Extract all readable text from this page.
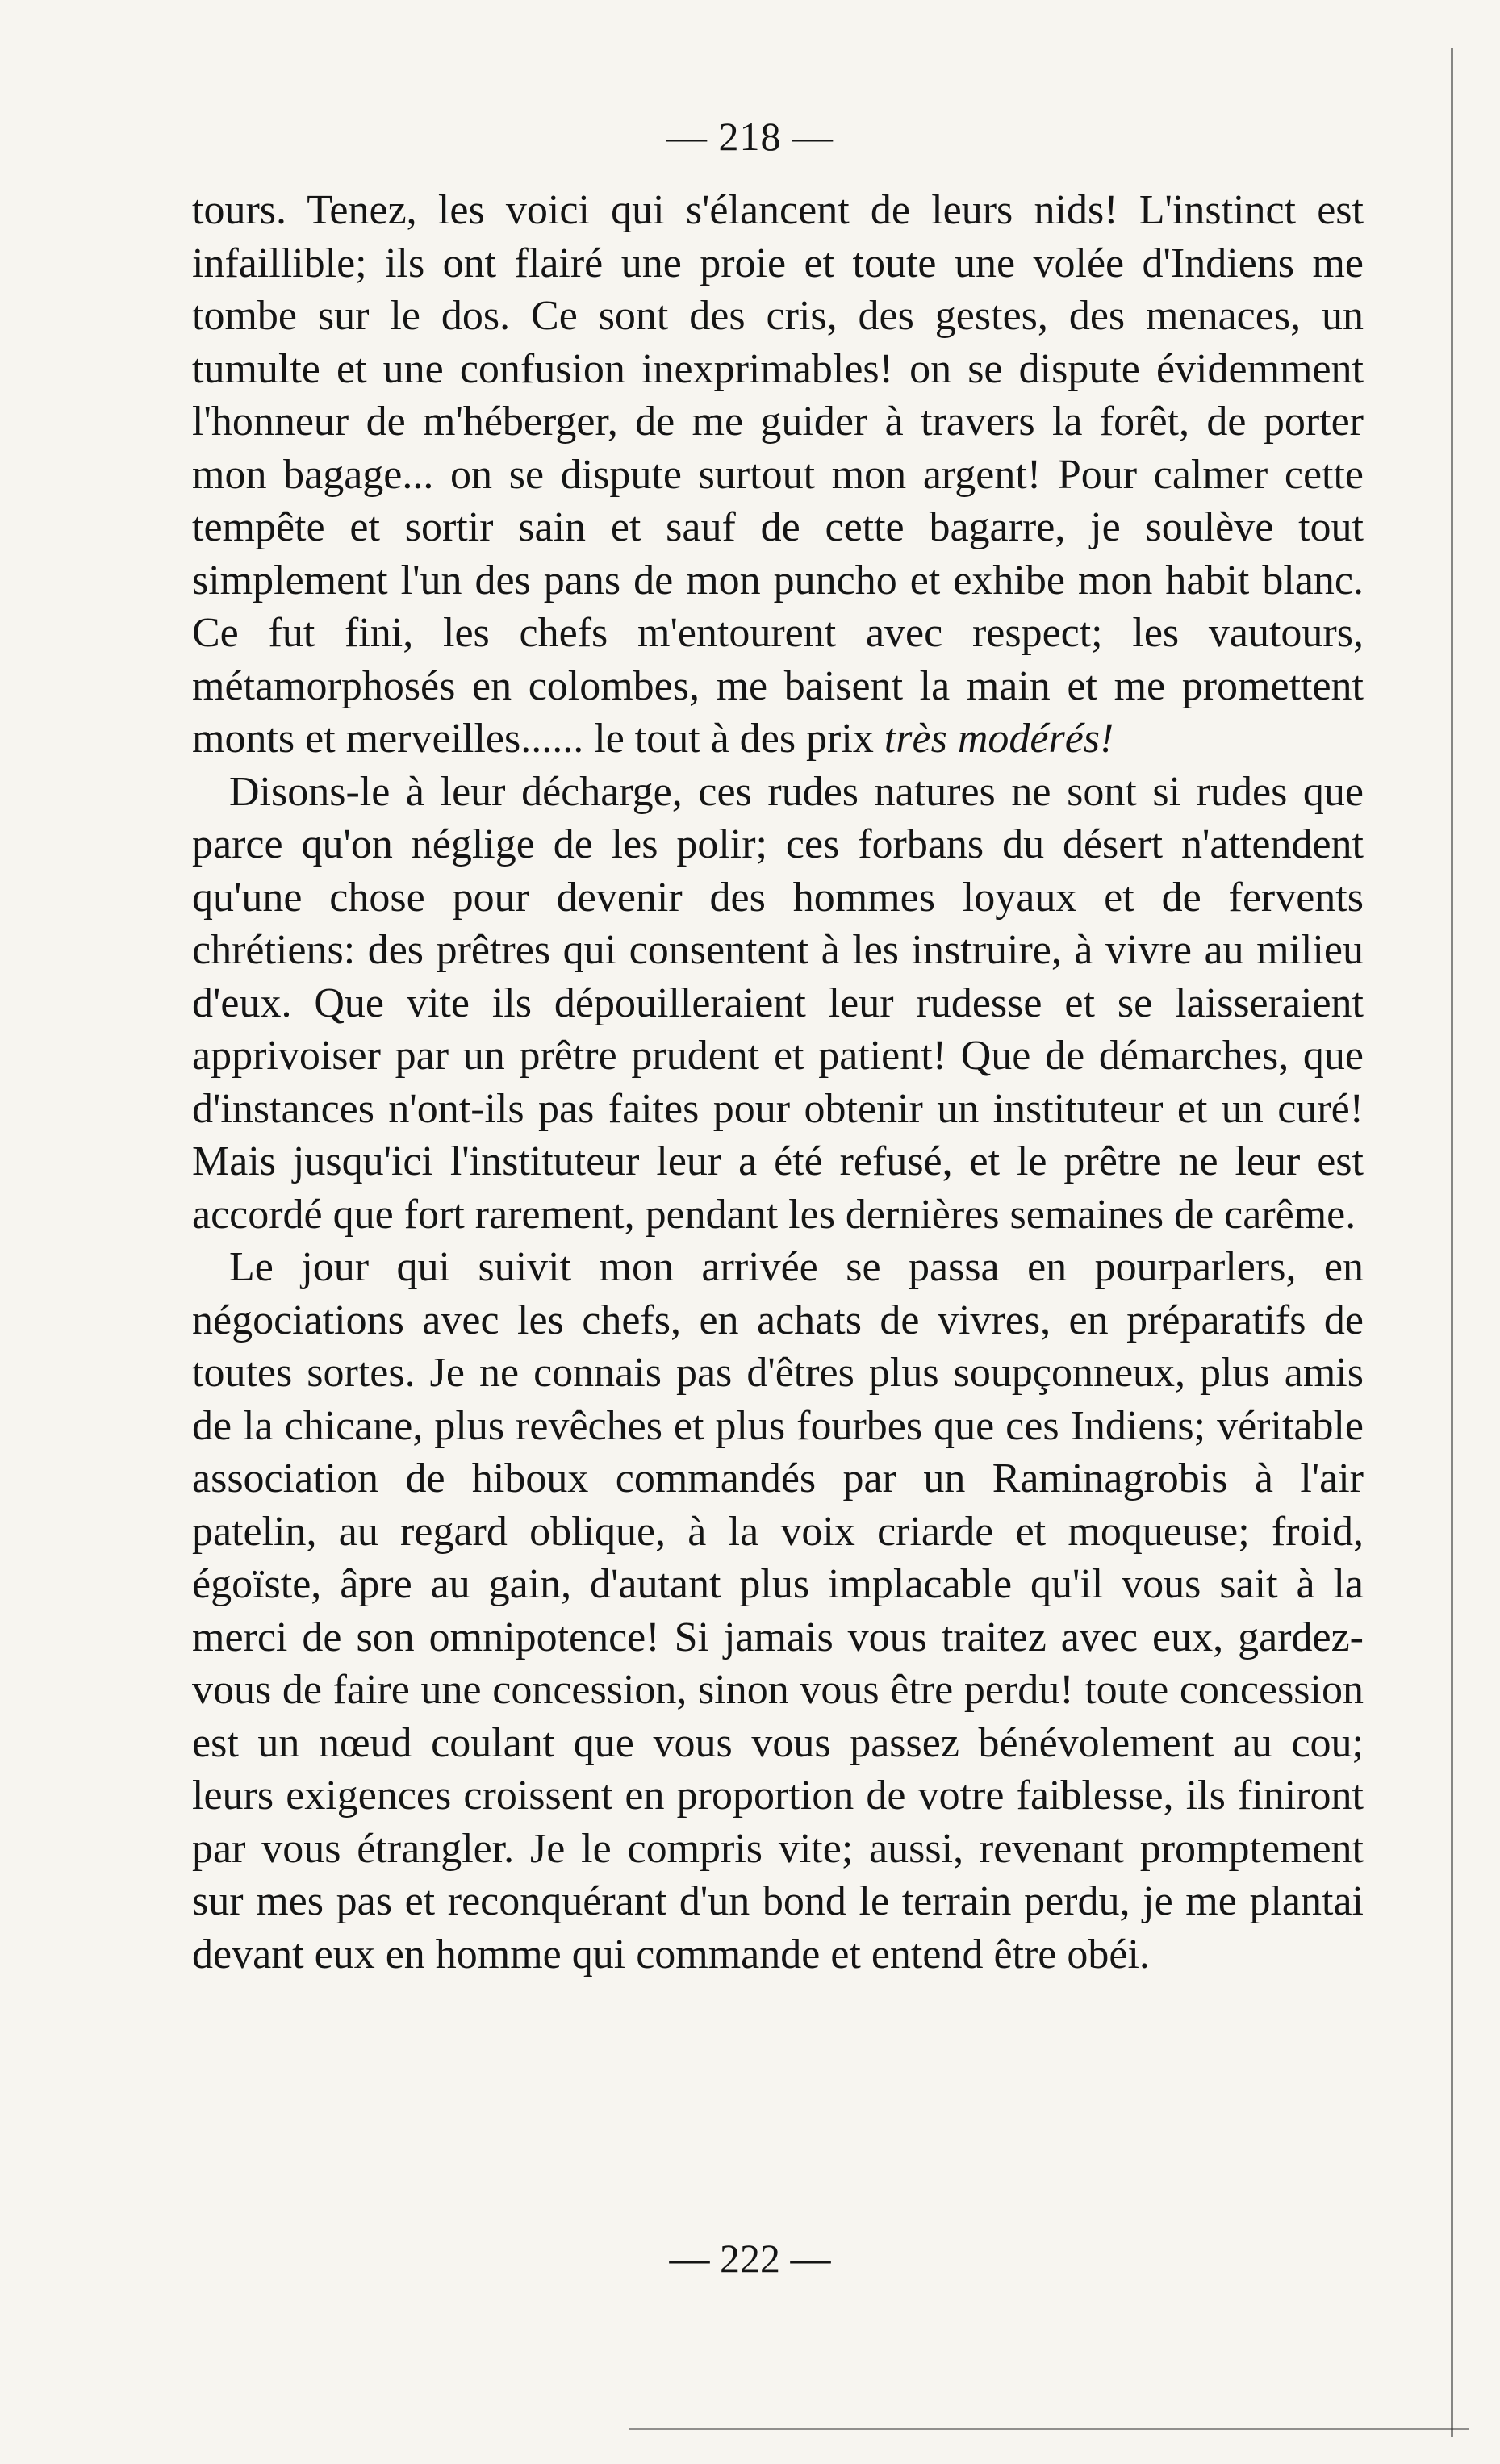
— 218 —

tours. Tenez, les voici qui s'élancent de leurs nids! L'instinct est infaillible; ils ont flairé une proie et toute une volée d'Indiens me tombe sur le dos. Ce sont des cris, des gestes, des menaces, un tumulte et une confusion inexprimables! on se dispute évidemment l'honneur de m'héberger, de me guider à travers la forêt, de porter mon bagage... on se dispute surtout mon argent! Pour calmer cette tempête et sortir sain et sauf de cette bagarre, je soulève tout simplement l'un des pans de mon puncho et exhibe mon habit blanc. Ce fut fini, les chefs m'entourent avec respect; les vautours, métamorphosés en colombes, me baisent la main et me promettent monts et merveilles...... le tout à des prix très modérés!

Disons-le à leur décharge, ces rudes natures ne sont si rudes que parce qu'on néglige de les polir; ces forbans du désert n'attendent qu'une chose pour devenir des hommes loyaux et de fervents chrétiens: des prêtres qui consentent à les instruire, à vivre au milieu d'eux. Que vite ils dépouilleraient leur rudesse et se laisseraient apprivoiser par un prêtre prudent et patient! Que de démarches, que d'instances n'ont-ils pas faites pour obtenir un instituteur et un curé! Mais jusqu'ici l'instituteur leur a été refusé, et le prêtre ne leur est accordé que fort rarement, pendant les dernières semaines de carême.

Le jour qui suivit mon arrivée se passa en pourparlers, en négociations avec les chefs, en achats de vivres, en préparatifs de toutes sortes. Je ne connais pas d'êtres plus soupçonneux, plus amis de la chicane, plus revêches et plus fourbes que ces Indiens; véritable association de hiboux commandés par un Raminagrobis à l'air patelin, au regard oblique, à la voix criarde et moqueuse; froid, égoïste, âpre au gain, d'autant plus implacable qu'il vous sait à la merci de son omnipotence! Si jamais vous traitez avec eux, gardez-vous de faire une concession, sinon vous être perdu! toute concession est un nœud coulant que vous vous passez bénévolement au cou; leurs exigences croissent en proportion de votre faiblesse, ils finiront par vous étrangler. Je le compris vite; aussi, revenant promptement sur mes pas et reconquérant d'un bond le terrain perdu, je me plantai devant eux en homme qui commande et entend être obéi.

— 222 —
